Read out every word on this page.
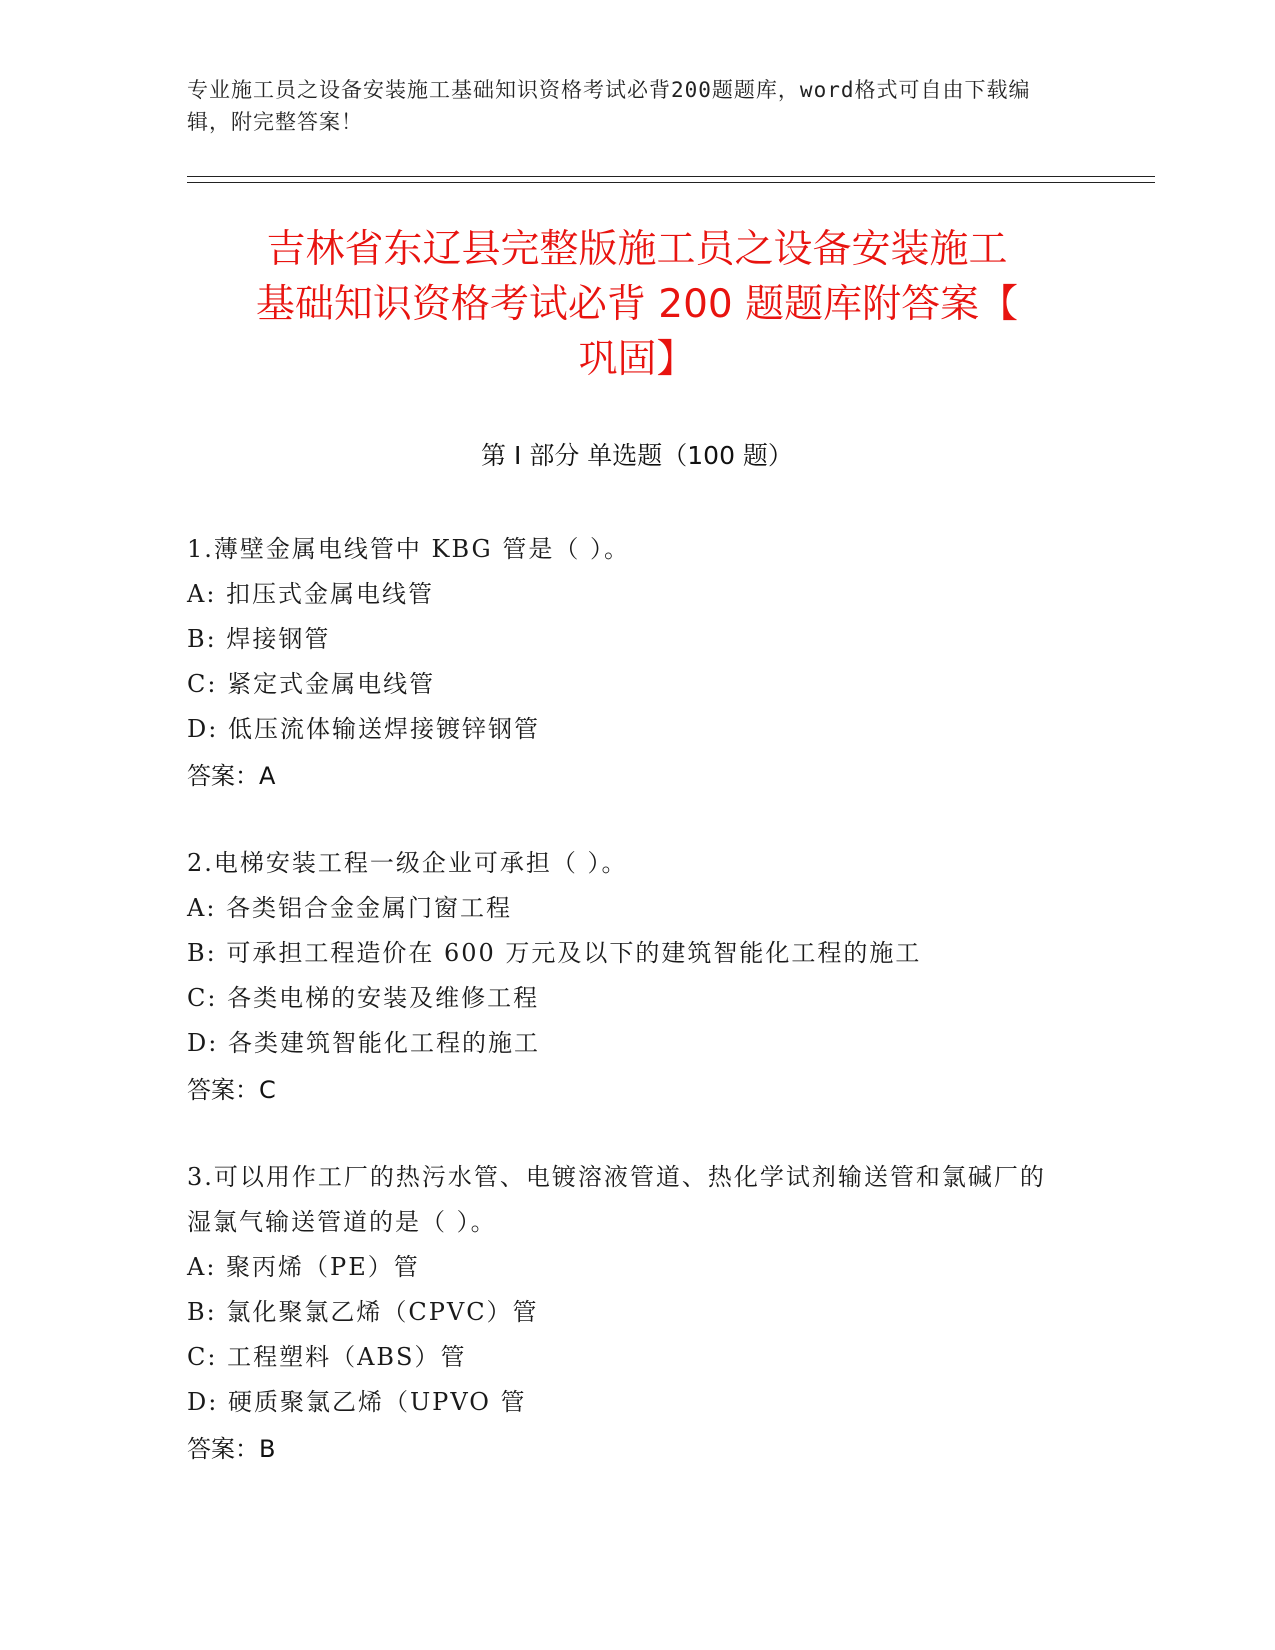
专业施工员之设备安装施工基础知识资格考试必背200题题库，word格式可自由下载编辑，附完整答案！
吉林省东辽县完整版施工员之设备安装施工
基础知识资格考试必背 200 题题库附答案【
巩固】
第 I 部分 单选题（100 题）
1.薄壁金属电线管中 KBG 管是（ ）。
A: 扣压式金属电线管
B: 焊接钢管
C: 紧定式金属电线管
D: 低压流体输送焊接镀锌钢管
答案：A
2.电梯安装工程一级企业可承担（ ）。
A: 各类铝合金金属门窗工程
B: 可承担工程造价在 600 万元及以下的建筑智能化工程的施工
C: 各类电梯的安装及维修工程
D: 各类建筑智能化工程的施工
答案：C
3.可以用作工厂的热污水管、电镀溶液管道、热化学试剂输送管和氯碱厂的湿氯气输送管道的是（ ）。
A: 聚丙烯（PE）管
B: 氯化聚氯乙烯（CPVC）管
C: 工程塑料（ABS）管
D: 硬质聚氯乙烯（UPVO 管
答案：B
